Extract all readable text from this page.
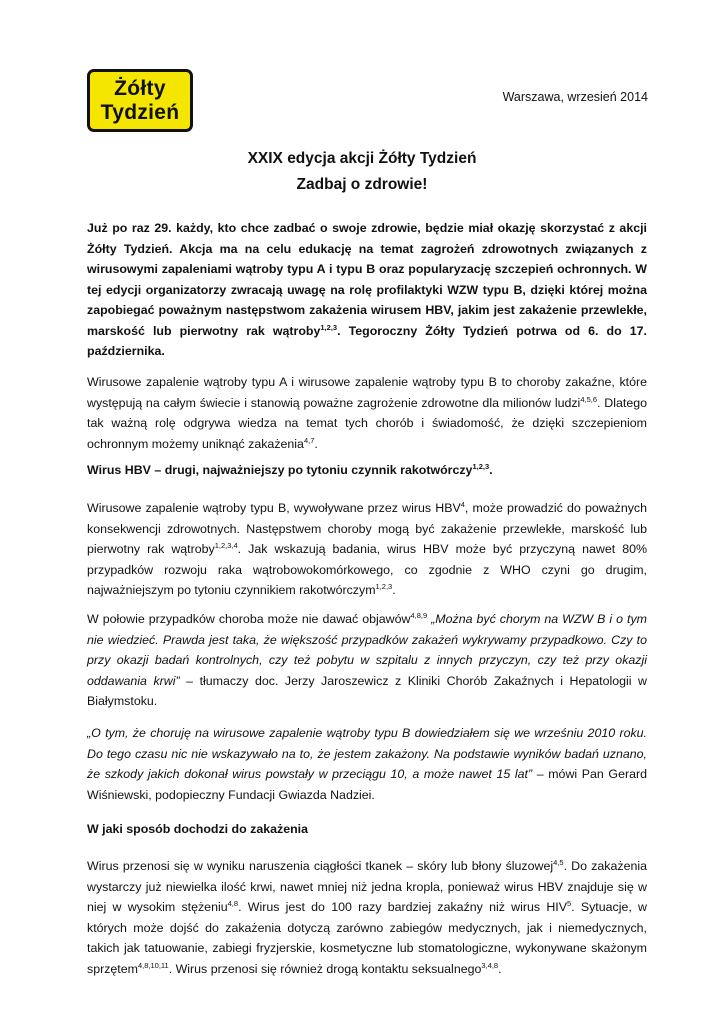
Żółty
Tydzień
Warszawa, wrzesień 2014
XXIX edycja akcji Żółty Tydzień
Zadbaj o zdrowie!

Już po raz 29. każdy, kto chce zadbać o swoje zdrowie, będzie miał okazję skorzystać z akcji Żółty Tydzień. Akcja ma na celu edukację na temat zagrożeń zdrowotnych związanych z wirusowymi zapaleniami wątroby typu A i typu B oraz popularyzację szczepień ochronnych. W tej edycji organizatorzy zwracają uwagę na rolę profilaktyki WZW typu B, dzięki której można zapobiegać poważnym następstwom zakażenia wirusem HBV, jakim jest zakażenie przewlekłe, marskość lub pierwotny rak wątroby$^{1,2,3}$. Tegoroczny Żółty Tydzień potrwa od 6. do 17. października.

Wirusowe zapalenie wątroby typu A i wirusowe zapalenie wątroby typu B to choroby zakaźne, które występują na całym świecie i stanowią poważne zagrożenie zdrowotne dla milionów ludzi$^{4,5,6}$. Dlatego tak ważną rolę odgrywa wiedza na temat tych chorób i świadomość, że dzięki szczepieniom ochronnym możemy uniknąć zakażenia$^{4,7}$.

Wirus HBV – drugi, najważniejszy po tytoniu czynnik rakotwórczy$^{1,2,3}$.

Wirusowe zapalenie wątroby typu B, wywoływane przez wirus HBV$^4$, może prowadzić do poważnych konsekwencji zdrowotnych. Następstwem choroby mogą być zakażenie przewlekłe, marskość lub pierwotny rak wątroby$^{1,2,3,4}$. Jak wskazują badania, wirus HBV może być przyczyną nawet 80% przypadków rozwoju raka wątrobowokomórkowego, co zgodnie z WHO czyni go drugim, najważniejszym po tytoniu czynnikiem rakotwórczym$^{1,2,3}$.

W połowie przypadków choroba może nie dawać objawów$^{4,8,9}$ „Można być chorym na WZW B i o tym nie wiedzieć. Prawda jest taka, że większość przypadków zakażeń wykrywamy przypadkowo. Czy to przy okazji badań kontrolnych, czy też pobytu w szpitalu z innych przyczyn, czy też przy okazji oddawania krwi” – tłumaczy doc. Jerzy Jaroszewicz z Kliniki Chorób Zakaźnych i Hepatologii w Białymstoku.

„O tym, że choruję na wirusowe zapalenie wątroby typu B dowiedziałem się we wrześniu 2010 roku. Do tego czasu nic nie wskazywało na to, że jestem zakażony. Na podstawie wyników badań uznano, że szkody jakich dokonał wirus powstały w przeciągu 10, a może nawet 15 lat” – mówi Pan Gerard Wiśniewski, podopieczny Fundacji Gwiazda Nadziei.

W jaki sposób dochodzi do zakażenia

Wirus przenosi się w wyniku naruszenia ciągłości tkanek – skóry lub błony śluzowej$^{4,5}$. Do zakażenia wystarczy już niewielka ilość krwi, nawet mniej niż jedna kropla, ponieważ wirus HBV znajduje się w niej w wysokim stężeniu$^{4,8}$. Wirus jest do 100 razy bardziej zakaźny niż wirus HIV$^5$. Sytuacje, w których może dojść do zakażenia dotyczą zarówno zabiegów medycznych, jak i niemedycznych, takich jak tatuowanie, zabiegi fryzjerskie, kosmetyczne lub stomatologiczne, wykonywane skażonym sprzętem$^{4,8,10,11}$. Wirus przenosi się również drogą kontaktu seksualnego$^{3,4,8}$.
